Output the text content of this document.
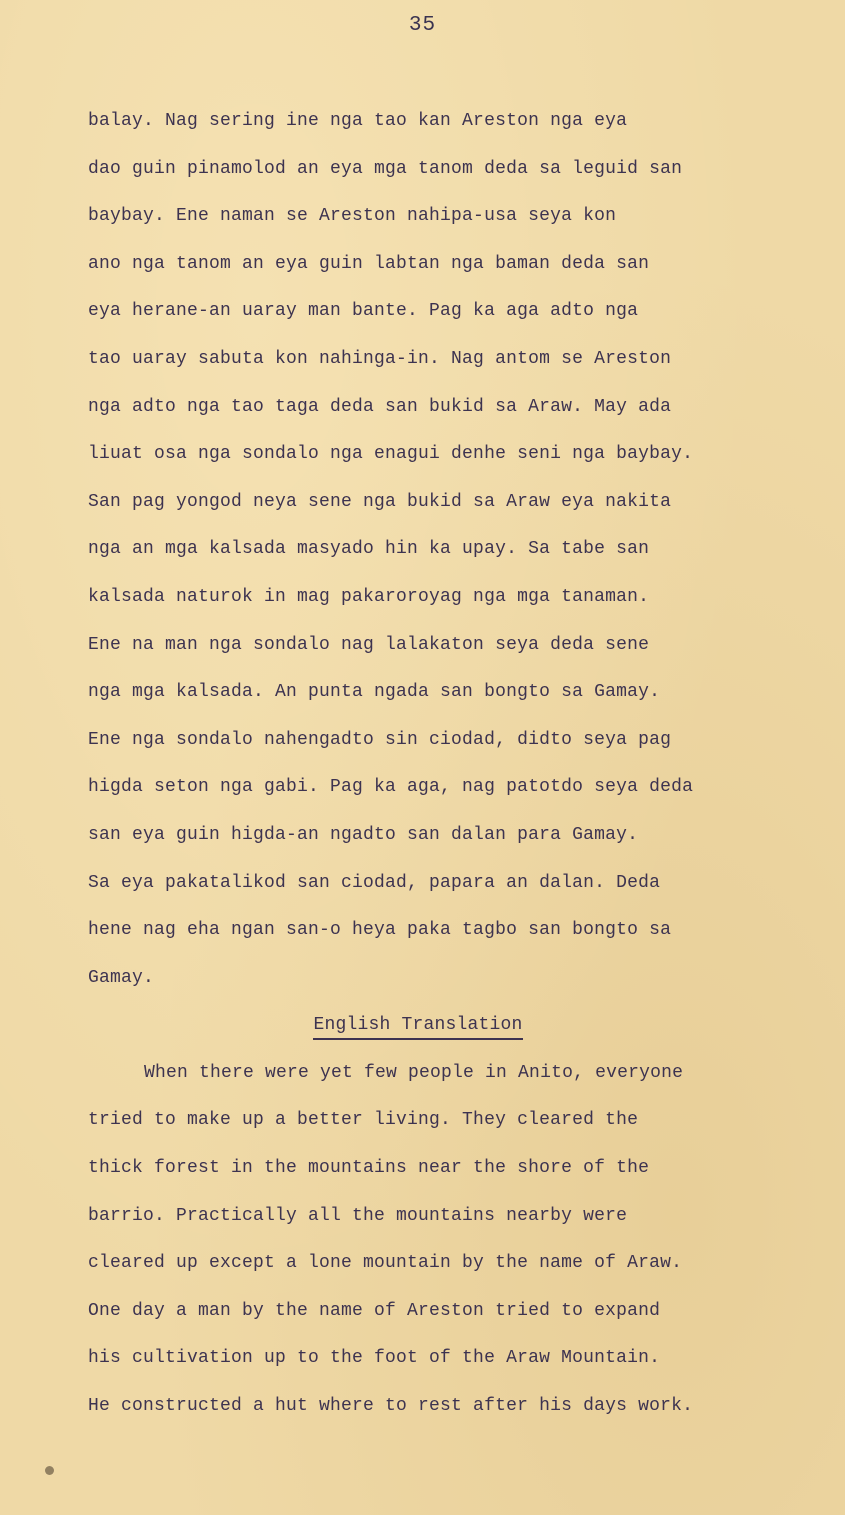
35
balay. Nag sering ine nga tao kan Areston nga eya
dao guin pinamolod an eya mga tanom deda sa leguid san
baybay. Ene naman se Areston nahipa-usa seya kon
ano nga tanom an eya guin labtan nga baman deda san
eya herane-an uaray man bante. Pag ka aga adto nga
tao uaray sabuta kon nahinga-in. Nag antom se Areston
nga adto nga tao taga deda san bukid sa Araw. May ada
liuat osa nga sondalo nga enagui denhe seni nga baybay.
San pag yongod neya sene nga bukid sa Araw eya nakita
nga an mga kalsada masyado hin ka upay. Sa tabe san
kalsada naturok in mag pakaroroyag nga mga tanaman.
Ene na man nga sondalo nag lalakaton seya deda sene
nga mga kalsada. An punta ngada san bongto sa Gamay.
Ene nga sondalo nahengadto sin ciodad, didto seya pag
higda seton nga gabi. Pag ka aga, nag patotdo seya deda
san eya guin higda-an ngadto san dalan para Gamay.
Sa eya pakatalikod san ciodad, papara an dalan. Deda
hene nag eha ngan san-o heya paka tagbo san bongto sa
Gamay.
English Translation
When there were yet few people in Anito, everyone
tried to make up a better living. They cleared the
thick forest in the mountains near the shore of the
barrio. Practically all the mountains nearby were
cleared up except a lone mountain by the name of Araw.
One day a man by the name of Areston tried to expand
his cultivation up to the foot of the Araw Mountain.
He constructed a hut where to rest after his days work.
